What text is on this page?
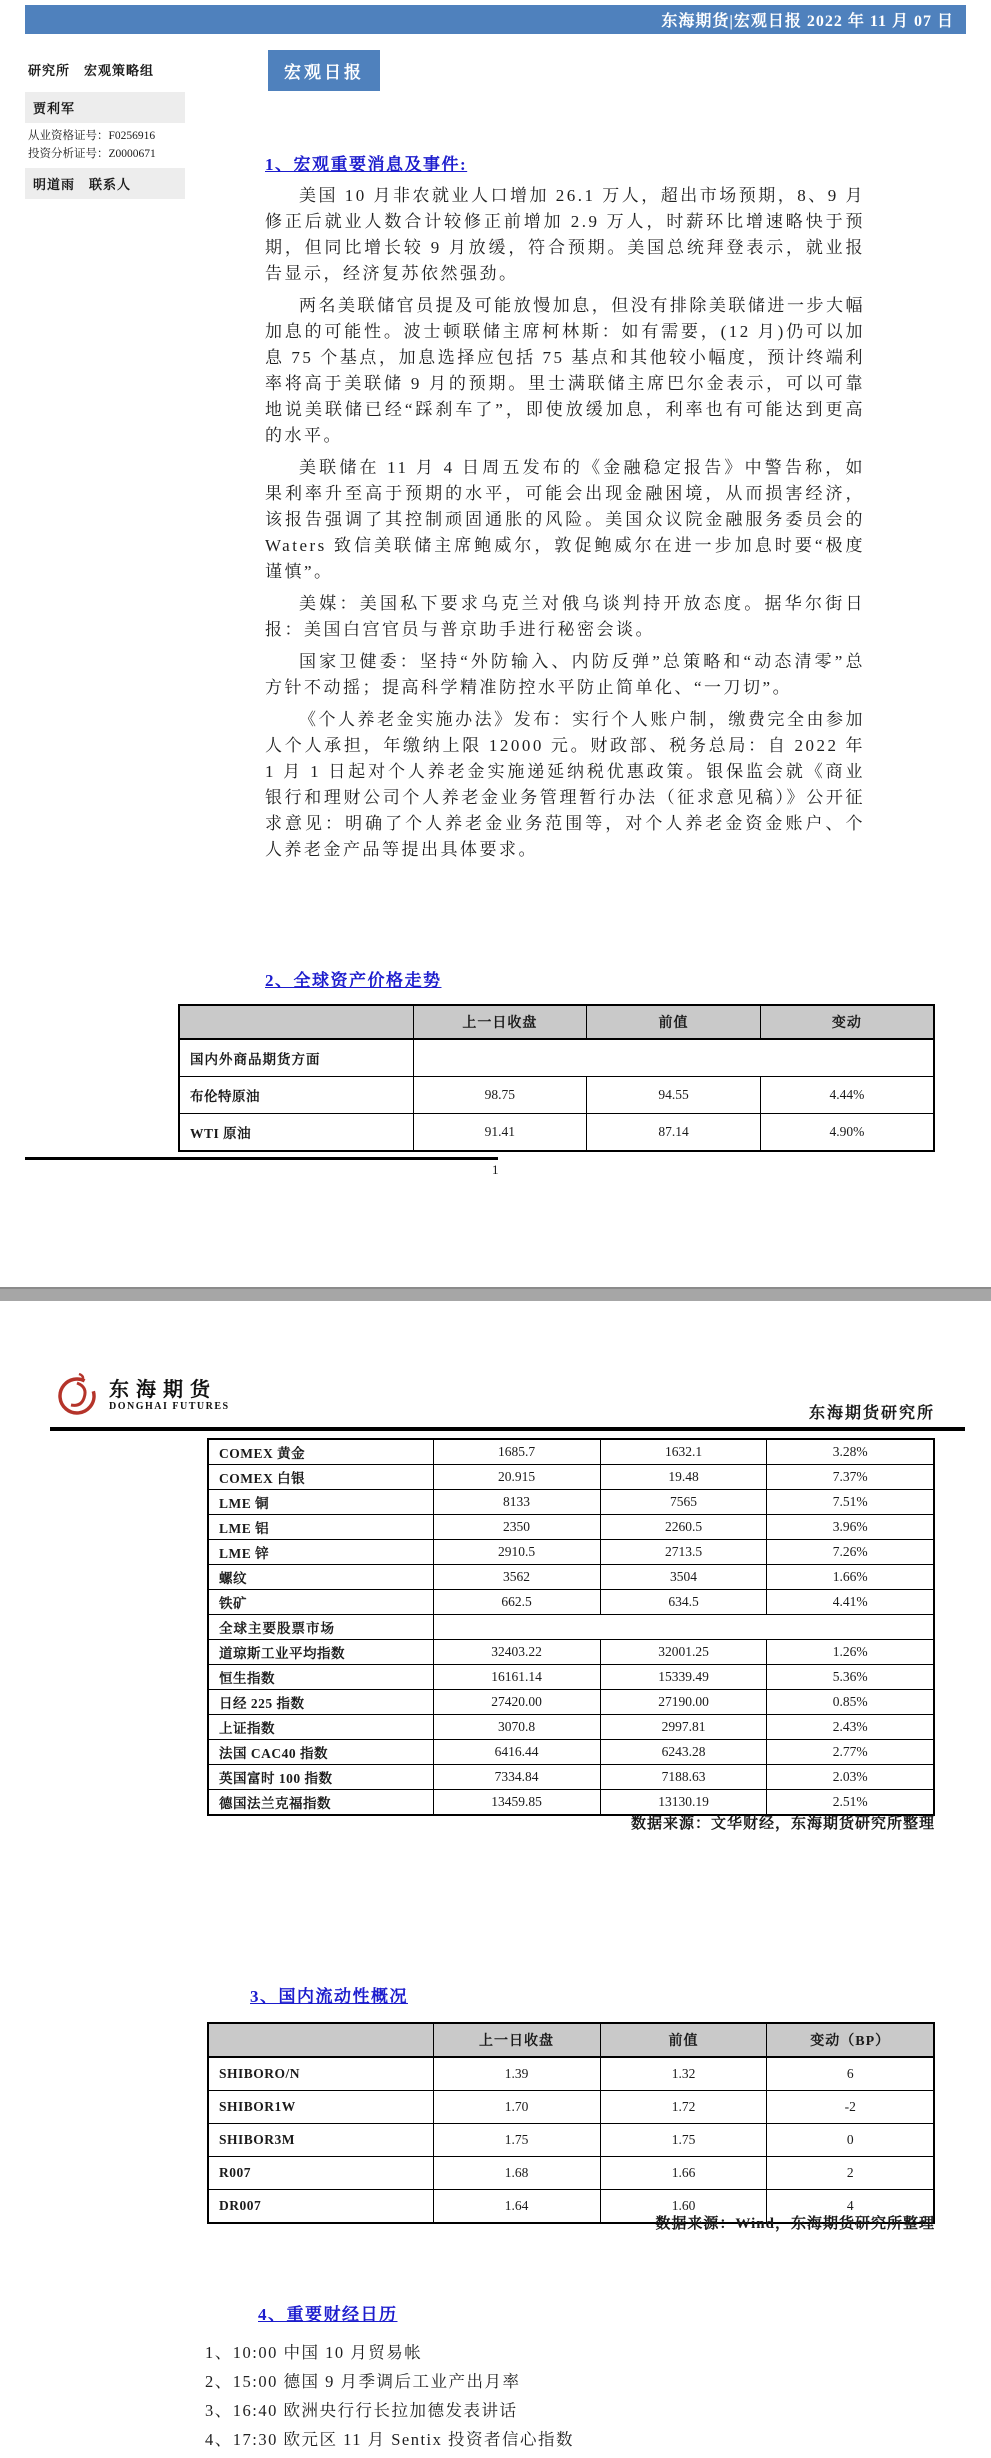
东海期货|宏观日报 2022 年 11 月 07 日
研究所　宏观策略组
贾利军
从业资格证号：F0256916
投资分析证号：Z0000671
明道雨　联系人
宏观日报
1、宏观重要消息及事件:

美国 10 月非农就业人口增加 26.1 万人，超出市场预期，8、9 月修正后就业人数合计较修正前增加 2.9 万人，时薪环比增速略快于预期，但同比增长较 9 月放缓，符合预期。美国总统拜登表示，就业报告显示，经济复苏依然强劲。

两名美联储官员提及可能放慢加息，但没有排除美联储进一步大幅加息的可能性。波士顿联储主席柯林斯：如有需要，(12 月)仍可以加息 75 个基点，加息选择应包括 75 基点和其他较小幅度，预计终端利率将高于美联储 9 月的预期。里士满联储主席巴尔金表示，可以可靠地说美联储已经“踩刹车了”，即使放缓加息，利率也有可能达到更高的水平。

美联储在 11 月 4 日周五发布的《金融稳定报告》中警告称，如果利率升至高于预期的水平，可能会出现金融困境，从而损害经济，该报告强调了其控制顽固通胀的风险。美国众议院金融服务委员会的 Waters 致信美联储主席鲍威尔，敦促鲍威尔在进一步加息时要“极度谨慎”。

美媒：美国私下要求乌克兰对俄乌谈判持开放态度。据华尔街日报：美国白宫官员与普京助手进行秘密会谈。

国家卫健委：坚持“外防输入、内防反弹”总策略和“动态清零”总方针不动摇；提高科学精准防控水平防止简单化、“一刀切”。

《个人养老金实施办法》发布：实行个人账户制，缴费完全由参加人个人承担，年缴纳上限 12000 元。财政部、税务总局：自 2022 年 1 月 1 日起对个人养老金实施递延纳税优惠政策。银保监会就《商业银行和理财公司个人养老金业务管理暂行办法（征求意见稿）》公开征求意见：明确了个人养老金业务范围等，对个人养老金资金账户、个人养老金产品等提出具体要求。

2、全球资产价格走势
	上一日收盘	前值	变动
国内外商品期货方面			
布伦特原油	98.75	94.55	4.44%
WTI 原油	91.41	87.14	4.90%
1
东海期货
DONGHAI FUTURES	东海期货研究所
COMEX 黄金	1685.7	1632.1	3.28%
COMEX 白银	20.915	19.48	7.37%
LME 铜	8133	7565	7.51%
LME 铝	2350	2260.5	3.96%
LME 锌	2910.5	2713.5	7.26%
螺纹	3562	3504	1.66%
铁矿	662.5	634.5	4.41%
全球主要股票市场			
道琼斯工业平均指数	32403.22	32001.25	1.26%
恒生指数	16161.14	15339.49	5.36%
日经 225 指数	27420.00	27190.00	0.85%
上证指数	3070.8	2997.81	2.43%
法国 CAC40 指数	6416.44	6243.28	2.77%
英国富时 100 指数	7334.84	7188.63	2.03%
德国法兰克福指数	13459.85	13130.19	2.51%
数据来源：文华财经，东海期货研究所整理
3、国内流动性概况
	上一日收盘	前值	变动（BP）
SHIBORO/N	1.39	1.32	6
SHIBOR1W	1.70	1.72	-2
SHIBOR3M	1.75	1.75	0
R007	1.68	1.66	2
DR007	1.64	1.60	4
数据来源：Wind，东海期货研究所整理
4、重要财经日历
1、10:00 中国 10 月贸易帐
2、15:00 德国 9 月季调后工业产出月率
3、16:40 欧洲央行行长拉加德发表讲话
4、17:30 欧元区 11 月 Sentix 投资者信心指数
